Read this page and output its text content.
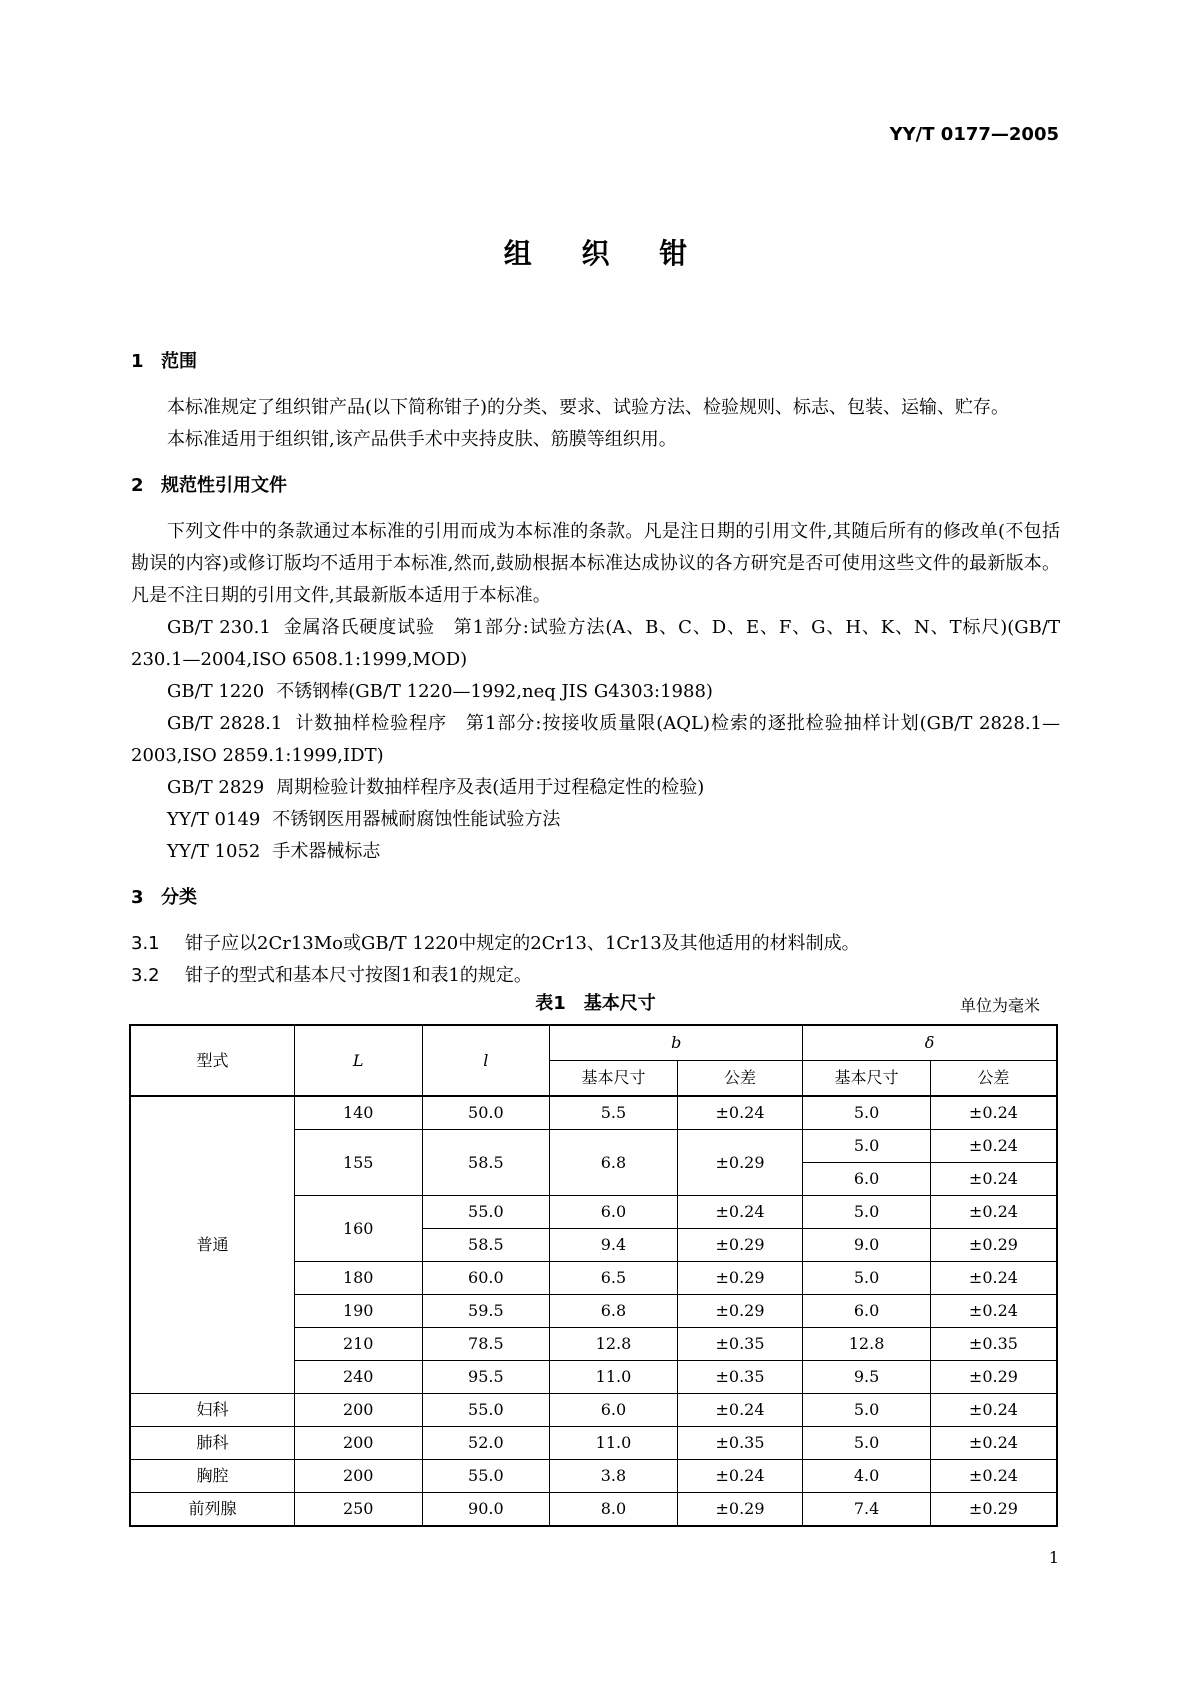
YY/T 0177—2005
组 织 钳
1 范围

本标准规定了组织钳产品(以下简称钳子)的分类、要求、试验方法、检验规则、标志、包装、运输、贮存。

本标准适用于组织钳,该产品供手术中夹持皮肤、筋膜等组织用。

2 规范性引用文件

下列文件中的条款通过本标准的引用而成为本标准的条款。凡是注日期的引用文件,其随后所有的修改单(不包括勘误的内容)或修订版均不适用于本标准,然而,鼓励根据本标准达成协议的各方研究是否可使用这些文件的最新版本。凡是不注日期的引用文件,其最新版本适用于本标准。

GB/T 230.1 金属洛氏硬度试验　第1部分:试验方法(A、B、C、D、E、F、G、H、K、N、T标尺)(GB/T 230.1—2004,ISO 6508.1:1999,MOD)

GB/T 1220 不锈钢棒(GB/T 1220—1992,neq JIS G4303:1988)

GB/T 2828.1 计数抽样检验程序　第1部分:按接收质量限(AQL)检索的逐批检验抽样计划(GB/T 2828.1—2003,ISO 2859.1:1999,IDT)

GB/T 2829 周期检验计数抽样程序及表(适用于过程稳定性的检验)

YY/T 0149 不锈钢医用器械耐腐蚀性能试验方法

YY/T 1052 手术器械标志

3 分类

3.1 钳子应以2Cr13Mo或GB/T 1220中规定的2Cr13、1Cr13及其他适用的材料制成。

3.2 钳子的型式和基本尺寸按图1和表1的规定。

表1　基本尺寸	单位为毫米
型式	L	l	b		δ	
			基本尺寸	公差	基本尺寸	公差
普通	140	50.0	5.5	±0.24	5.0	±0.24
	155	58.5	6.8	±0.29	5.0	±0.24
					6.0	±0.24
	160	55.0	6.0	±0.24	5.0	±0.24
		58.5	9.4	±0.29	9.0	±0.29
	180	60.0	6.5	±0.29	5.0	±0.24
	190	59.5	6.8	±0.29	6.0	±0.24
	210	78.5	12.8	±0.35	12.8	±0.35
	240	95.5	11.0	±0.35	9.5	±0.29
妇科	200	55.0	6.0	±0.24	5.0	±0.24
肺科	200	52.0	11.0	±0.35	5.0	±0.24
胸腔	200	55.0	3.8	±0.24	4.0	±0.24
前列腺	250	90.0	8.0	±0.29	7.4	±0.29
1
